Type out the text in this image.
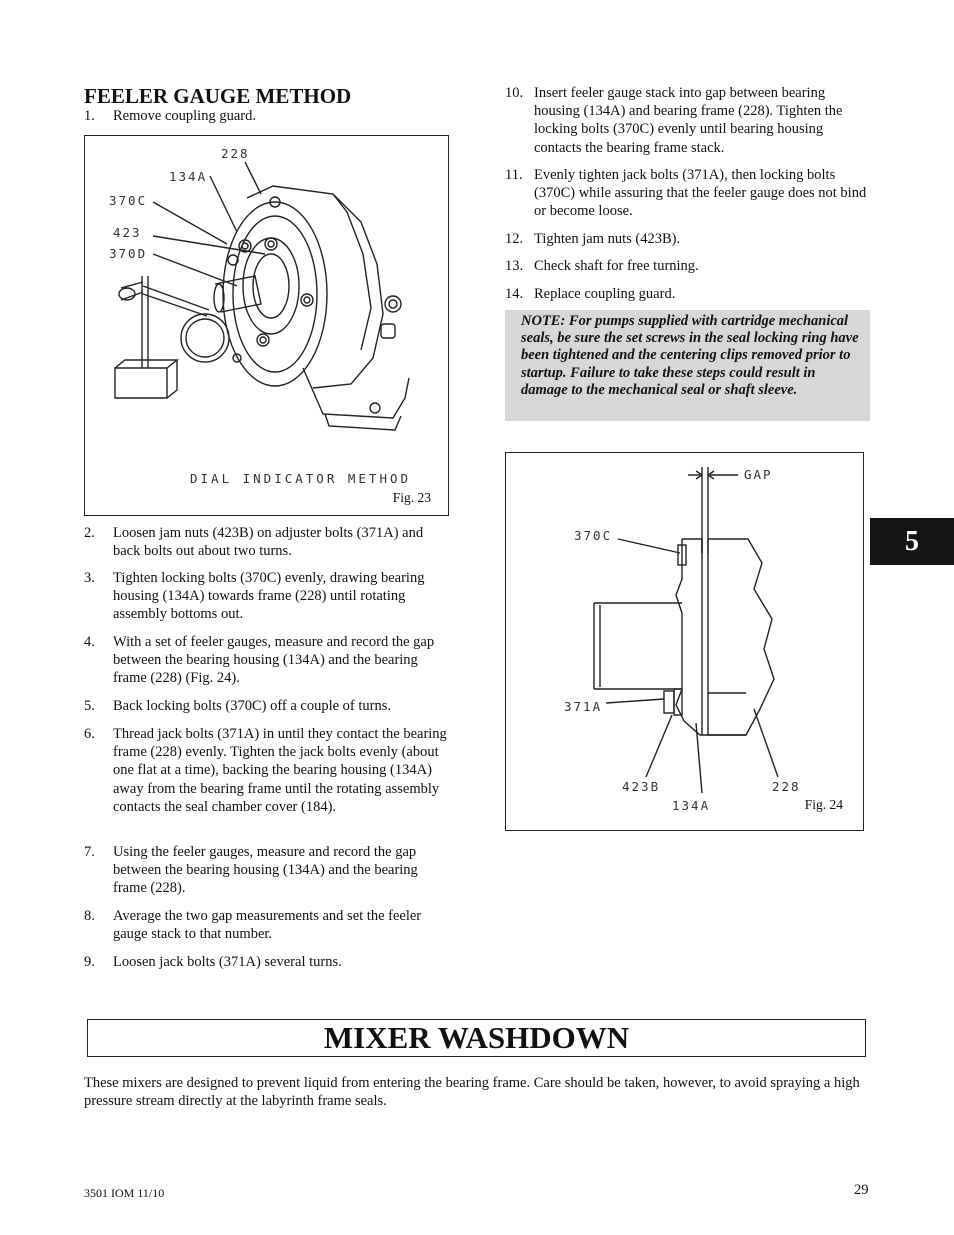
FEELER GAUGE METHOD
1.	Remove coupling guard.
228
134A
370C
423
370D
DIAL INDICATOR METHOD
Fig. 23
2.	Loosen jam nuts (423B) on adjuster bolts (371A) and back bolts out about two turns.
3.	Tighten locking bolts (370C) evenly, drawing bearing housing (134A) towards frame (228) until rotating assembly bottoms out.
4.	With a set of feeler gauges, measure and record the gap between the bearing housing (134A) and the bearing frame (228) (Fig. 24).
5.	Back locking bolts (370C) off a couple of turns.
6.	Thread jack bolts (371A) in until they contact the bearing frame (228) evenly. Tighten the jack bolts evenly (about one flat at a time), backing the bearing housing (134A) away from the bearing frame until the rotating assembly contacts the seal chamber cover (184).
7.	Using the feeler gauges, measure and record the gap between the bearing housing (134A) and the bearing frame (228).
8.	Average the two gap measurements and set the feeler gauge stack to that number.
9.	Loosen jack bolts (371A) several turns.
10. Insert feeler gauge stack into gap between bearing housing (134A) and bearing frame (228). Tighten the locking bolts (370C) evenly until bearing housing contacts the bearing frame stack.
11. Evenly tighten jack bolts (371A), then locking bolts (370C) while assuring that the feeler gauge does not bind or become loose.
12. Tighten jam nuts (423B).
13. Check shaft for free turning.
14. Replace coupling guard.
NOTE: For pumps supplied with cartridge mechanical seals, be sure the set screws in the seal locking ring have been tightened and the centering clips removed prior to startup. Failure to take these steps could result in damage to the mechanical seal or shaft sleeve.
GAP
370C
371A
423B
134A
228
Fig. 24
5
MIXER WASHDOWN
These mixers are designed to prevent liquid from entering the bearing frame. Care should be taken, however, to avoid spraying a high pressure stream directly at the labyrinth frame seals.
3501 IOM 11/10	29
